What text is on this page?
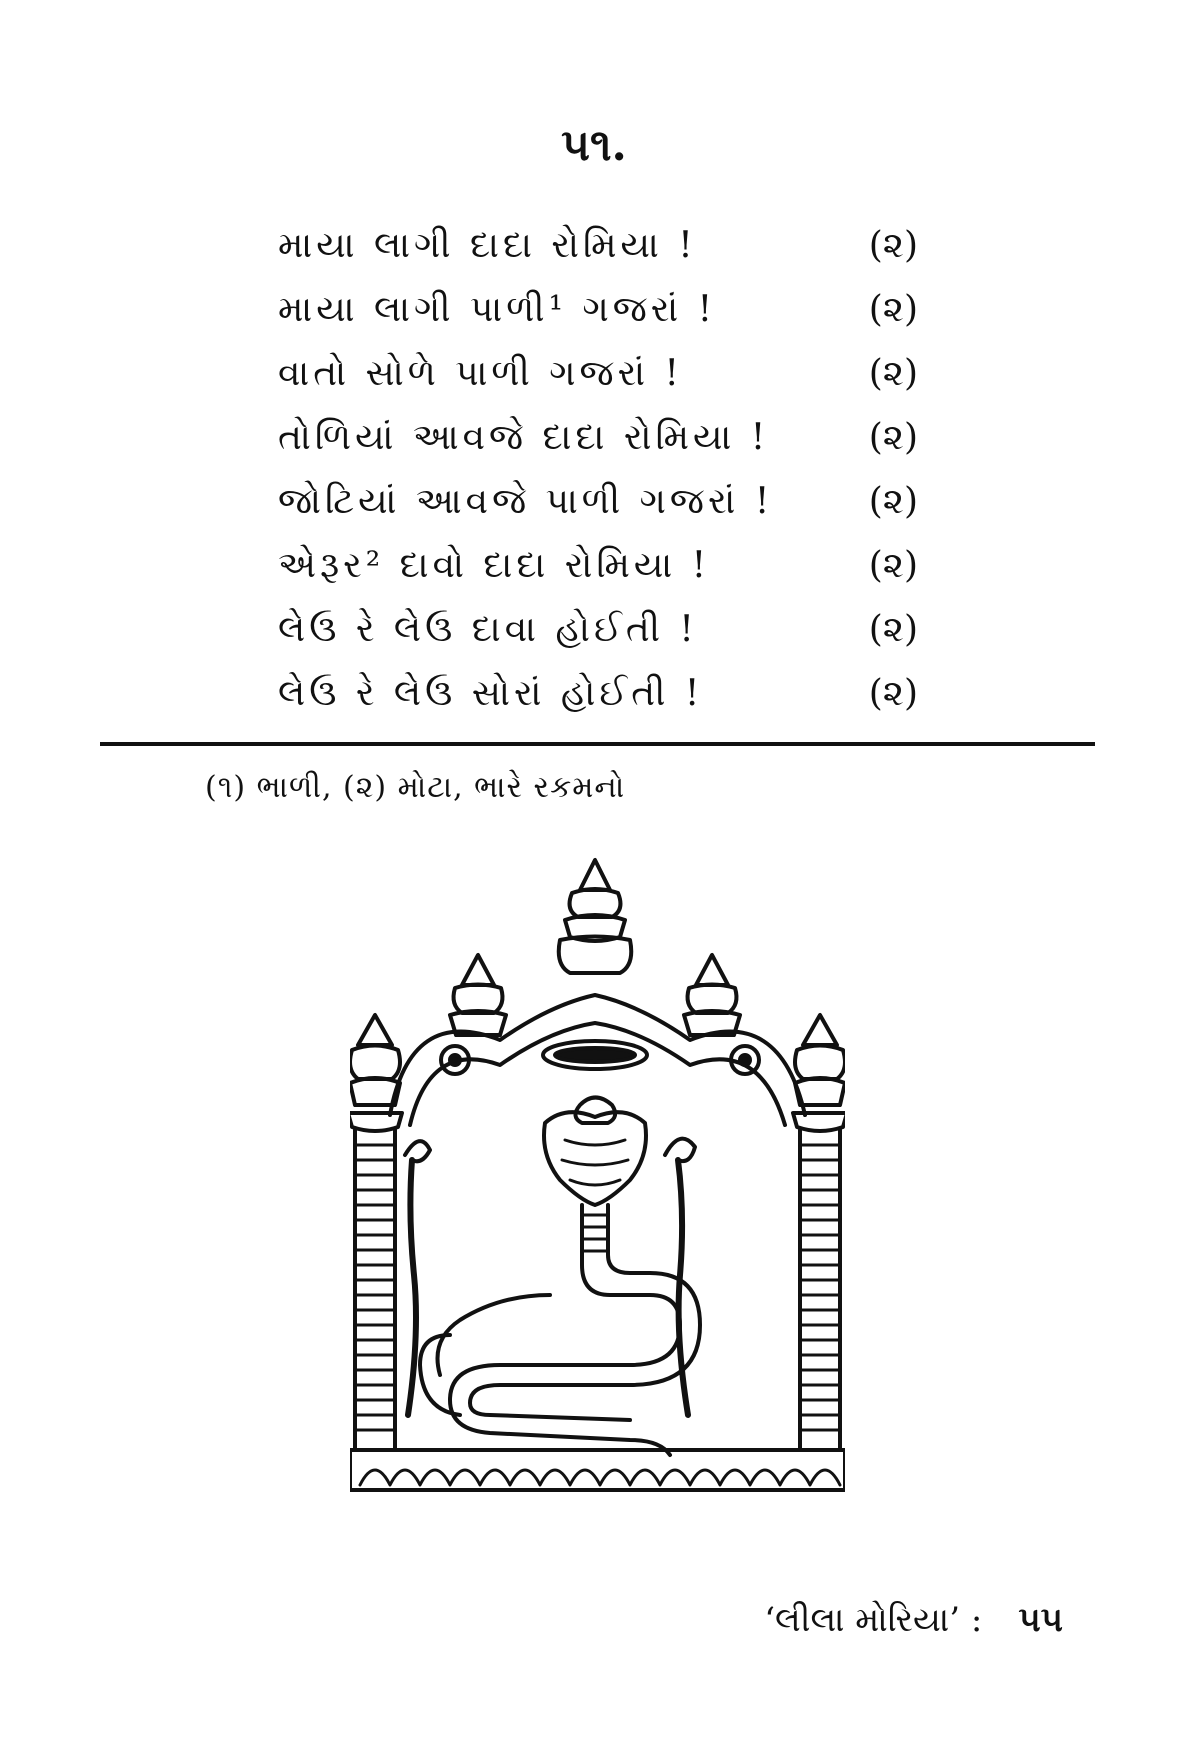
૫૧.
માયા લાગી દાદા રોમિયા !	(૨)
માયા લાગી પાળી¹ ગજરાં !	(૨)
વાતો સોળે પાળી ગજરાં !	(૨)
તોળિયાં આવજે દાદા રોમિયા !	(૨)
જોટિયાં આવજે પાળી ગજરાં !	(૨)
એરૂર² દાવો દાદા રોમિયા !	(૨)
લેઉ રે લેઉ દાવા હોઈતી !	(૨)
લેઉ રે લેઉ સોરાં હોઈતી !	(૨)
(૧) ભાળી, (૨) મોટા, ભારે રકમનો
‘લીલા મોરિયા’ : ૫૫
